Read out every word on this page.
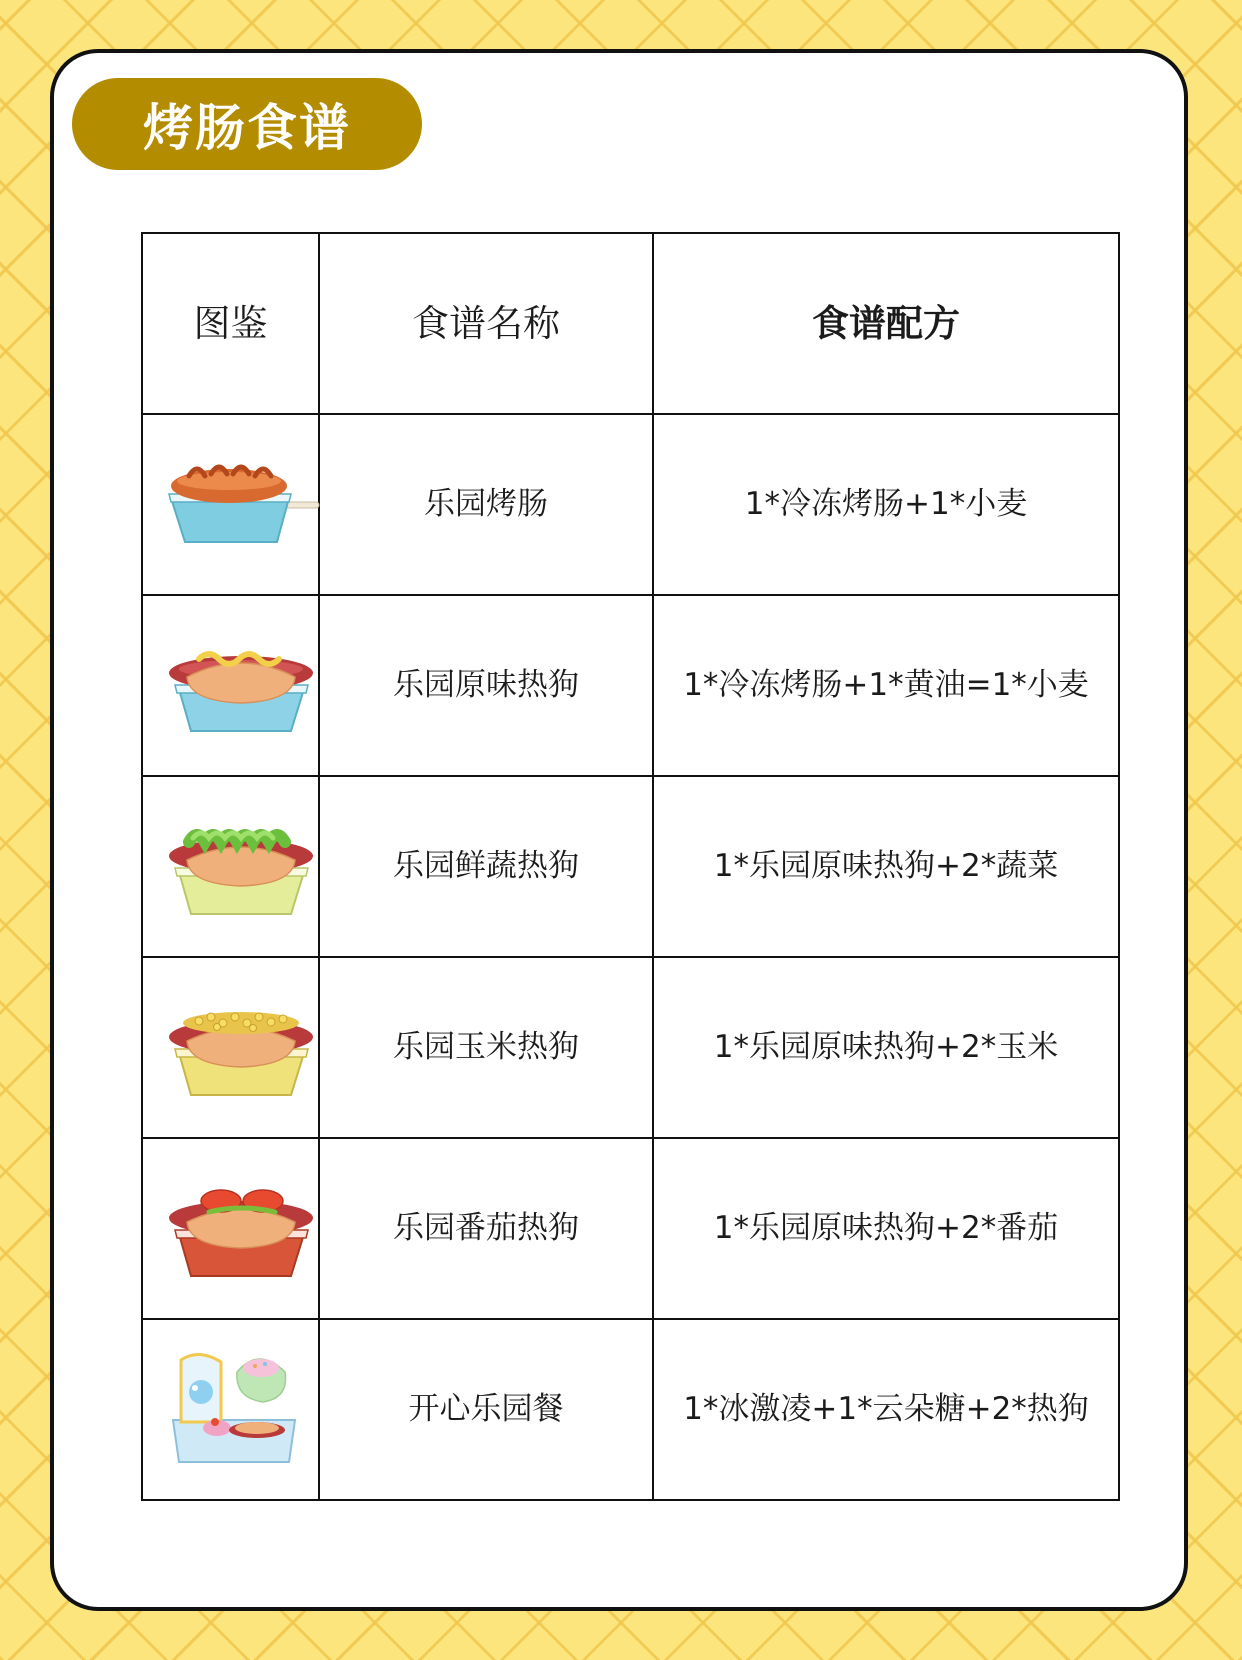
烤肠食谱
图鉴	食谱名称	食谱配方

	乐园烤肠	1*冷冻烤肠+1*小麦

	乐园原味热狗	1*冷冻烤肠+1*黄油=1*小麦

	乐园鲜蔬热狗	1*乐园原味热狗+2*蔬菜

	乐园玉米热狗	1*乐园原味热狗+2*玉米

	乐园番茄热狗	1*乐园原味热狗+2*番茄

	开心乐园餐	1*冰激凌+1*云朵糖+2*热狗
